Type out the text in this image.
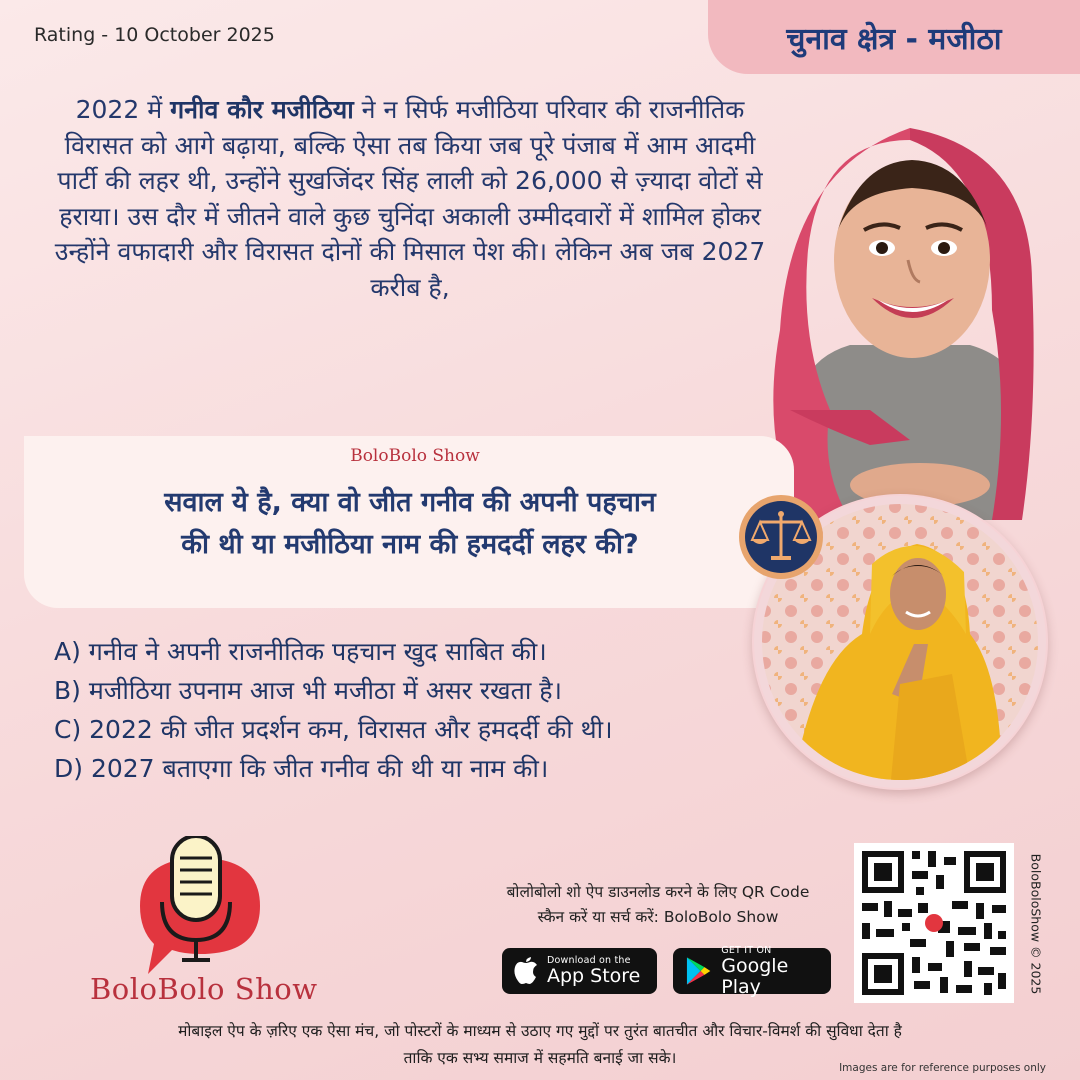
Rating - 10 October 2025	चुनाव क्षेत्र - मजीठा
2022 में गनीव कौर मजीठिया ने न सिर्फ मजीठिया परिवार की राजनीतिक विरासत को आगे बढ़ाया, बल्कि ऐसा तब किया जब पूरे पंजाब में आम आदमी पार्टी की लहर थी, उन्होंने सुखजिंदर सिंह लाली को 26,000 से ज़्यादा वोटों से हराया। उस दौर में जीतने वाले कुछ चुनिंदा अकाली उम्मीदवारों में शामिल होकर उन्होंने वफादारी और विरासत दोनों की मिसाल पेश की। लेकिन अब जब 2027 करीब है,
BoloBolo Show
सवाल ये है, क्या वो जीत गनीव की अपनी पहचान
की थी या मजीठिया नाम की हमदर्दी लहर की?
A) गनीव ने अपनी राजनीतिक पहचान खुद साबित की।
B) मजीठिया उपनाम आज भी मजीठा में असर रखता है।
C) 2022 की जीत प्रदर्शन कम, विरासत और हमदर्दी की थी।
D) 2027 बताएगा कि जीत गनीव की थी या नाम की।
BoloBolo Show
बोलोबोलो शो ऐप डाउनलोड करने के लिए QR Code
स्कैन करें या सर्च करें: BoloBolo Show
Download on the
App Store
GET IT ON
Google Play	BoloBoloShow © 2025
मोबाइल ऐप के ज़रिए एक ऐसा मंच, जो पोस्टरों के माध्यम से उठाए गए मुद्दों पर तुरंत बातचीत और विचार-विमर्श की सुविधा देता है
ताकि एक सभ्य समाज में सहमति बनाई जा सके।
Images are for reference purposes only
